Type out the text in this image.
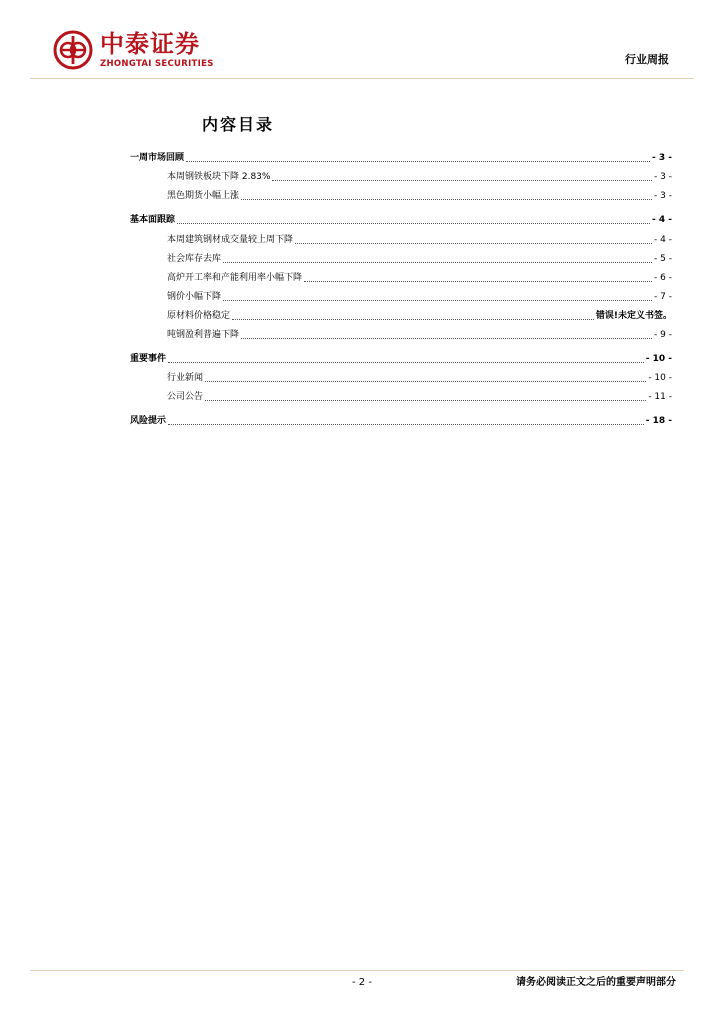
中泰证券
ZHONGTAI SECURITIES	行业周报
内容目录
一周市场回顾	- 3 -
本周钢铁板块下降 2.83%	- 3 -
黑色期货小幅上涨	- 3 -
基本面跟踪	- 4 -
本周建筑钢材成交量较上周下降	- 4 -
社会库存去库	- 5 -
高炉开工率和产能利用率小幅下降	- 6 -
钢价小幅下降	- 7 -
原材料价格稳定	错误!未定义书签。
吨钢盈利普遍下降	- 9 -
重要事件	- 10 -
行业新闻	- 10 -
公司公告	- 11 -
风险提示	- 18 -
- 2 -	请务必阅读正文之后的重要声明部分
